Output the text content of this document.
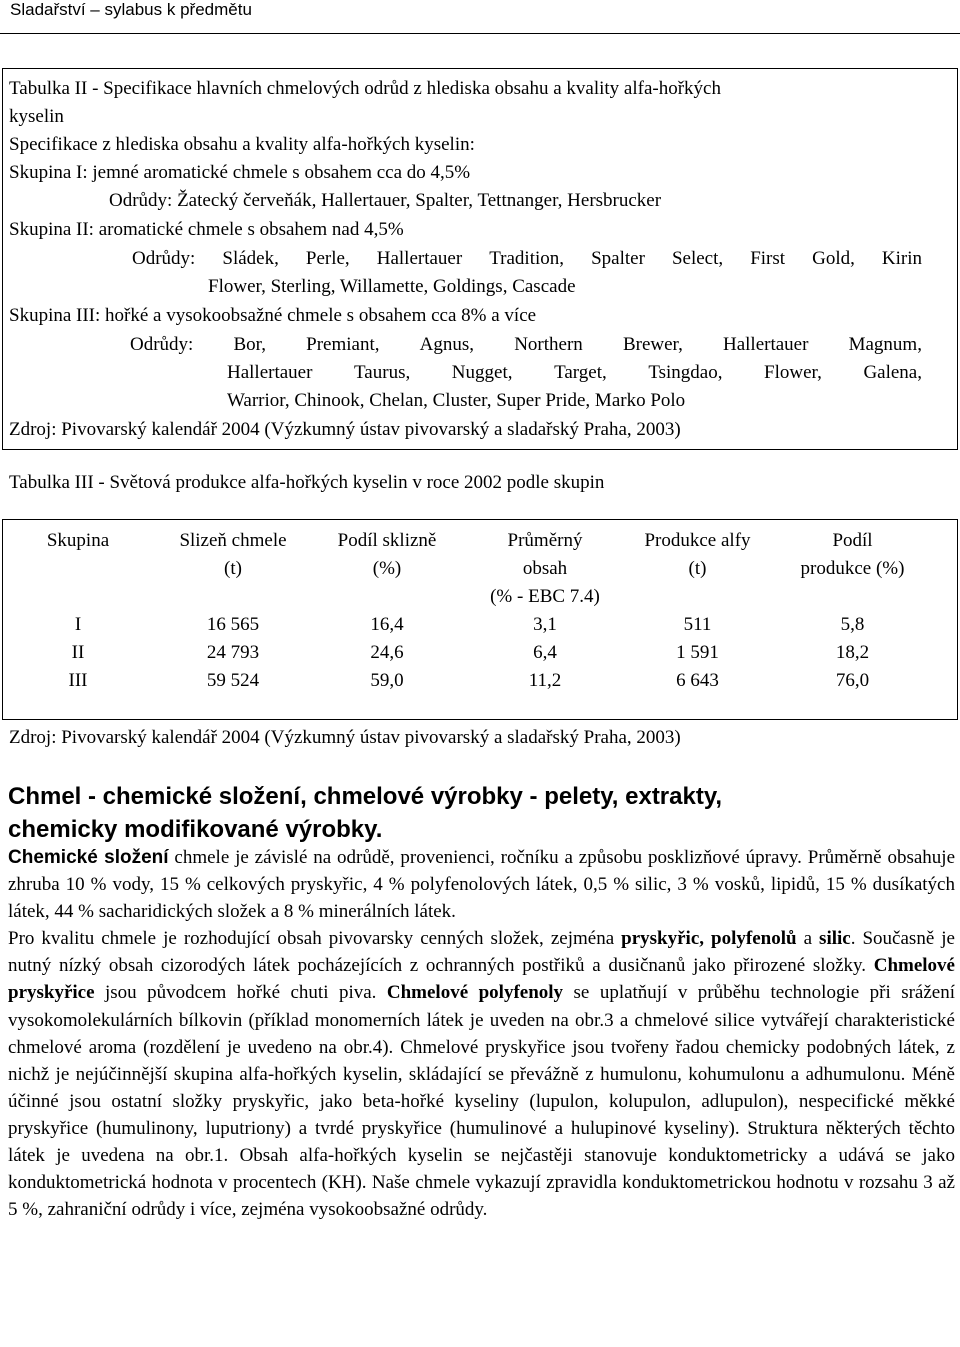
Sladařství – sylabus k předmětu
Tabulka II - Specifikace hlavních chmelových odrůd z hlediska obsahu a kvality alfa-hořkých
kyselin
Specifikace z hlediska obsahu a kvality alfa-hořkých kyselin:
Skupina I: jemné aromatické chmele s obsahem cca do 4,5%
Odrůdy: Žatecký červeňák, Hallertauer, Spalter, Tettnanger, Hersbrucker
Skupina II: aromatické chmele s obsahem nad 4,5%
Odrůdy: Sládek, Perle, Hallertauer Tradition, Spalter Select, First Gold, Kirin
Flower, Sterling, Willamette, Goldings, Cascade
Skupina III: hořké a vysokoobsažné chmele s obsahem cca 8% a více
Odrůdy: Bor, Premiant, Agnus, Northern Brewer, Hallertauer Magnum,
Hallertauer Taurus, Nugget, Target, Tsingdao, Flower, Galena,
Warrior, Chinook, Chelan, Cluster, Super Pride, Marko Polo
Zdroj: Pivovarský kalendář 2004 (Výzkumný ústav pivovarský a sladařský Praha, 2003)
Tabulka III - Světová produkce alfa-hořkých kyselin v roce 2002 podle skupin
Skupina	Slizeň chmele
(t)
Podíl sklizně
(%)
Průměrný
obsah
(% - EBC 7.4)
Produkce alfy
(t)
Podíl
produkce (%)
I
II
III
16 565
24 793
59 524
16,4
24,6
59,0
3,1
6,4
11,2
511
1 591
6 643
5,8
18,2
76,0
Zdroj: Pivovarský kalendář 2004 (Výzkumný ústav pivovarský a sladařský Praha, 2003)
Chmel - chemické složení, chmelové výrobky - pelety, extrakty,
chemicky modifikované výrobky.

Chemické složení chmele je závislé na odrůdě, provenienci, ročníku a způsobu posklizňové úpravy. Průměrně obsahuje zhruba 10 % vody, 15 % celkových pryskyřic, 4 % polyfenolových látek, 0,5 % silic, 3 % vosků, lipidů, 15 % dusíkatých látek, 44 % sacharidických složek a 8 % minerálních látek.

Pro kvalitu chmele je rozhodující obsah pivovarsky cenných složek, zejména pryskyřic, polyfenolů a silic. Současně je nutný nízký obsah cizorodých látek pocházejících z ochranných postřiků a dusičnanů jako přirozené složky. Chmelové pryskyřice jsou původcem hořké chuti piva. Chmelové polyfenoly se uplatňují v průběhu technologie při srážení vysokomolekulárních bílkovin (příklad monomerních látek je uveden na obr.3 a chmelové silice vytvářejí charakteristické chmelové aroma (rozdělení je uvedeno na obr.4). Chmelové pryskyřice jsou tvořeny řadou chemicky podobných látek, z nichž je nejúčinnější skupina alfa-hořkých kyselin, skládající se převážně z humulonu, kohumulonu a adhumulonu. Méně účinné jsou ostatní složky pryskyřic, jako beta-hořké kyseliny (lupulon, kolupulon, adlupulon), nespecifické měkké pryskyřice (humulinony, luputriony) a tvrdé pryskyřice (humulinové a hulupinové kyseliny). Struktura některých těchto látek je uvedena na obr.1. Obsah alfa-hořkých kyselin se nejčastěji stanovuje konduktometricky a udává se jako konduktometrická hodnota v procentech (KH). Naše chmele vykazují zpravidla konduktometrickou hodnotu v rozsahu 3 až 5 %, zahraniční odrůdy i více, zejména vysokoobsažné odrůdy.
